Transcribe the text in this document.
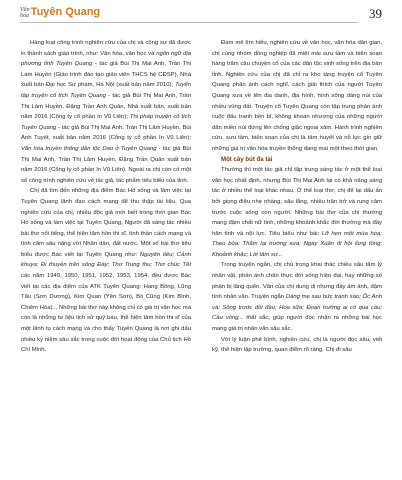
Văn
hóa Tuyên Quang	39

Hàng loạt công trình nghiên cứu của chị và cộng sự đã được in thành sách giáo trình, như: Văn hóa, văn học và ngôn ngữ địa phương tỉnh Tuyên Quang - tác giả Bùi Thị Mai Anh, Trần Thị Lam Huyền (Giáo trình đào tạo giáo viên THCS hệ CĐSP), Nhà xuất bản Đại học Sư phạm, Hà Nội (xuất bản năm 2010); Tuyển tập truyện cổ tích Tuyên Quang - tác giả Bùi Thị Mai Anh, Trần Thị Lâm Huyền, Đặng Trần Anh Quân, Nhà xuất bản, xuất bản năm 2016 (Công ty cổ phần In Vũ Liên); Thi pháp truyện cổ tích Tuyên Quang - tác giả Bùi Thị Mai Anh, Trần Thị Lâm Huyền, Bùi Ánh Tuyết, xuất bản năm 2016 (Công ty cổ phần In Vũ Liên); Văn hóa truyền thống dân tộc Dao ở Tuyên Quang - tác giả Bùi Thị Mai Anh, Trần Thị Lâm Huyền, Đặng Trần Quân xuất bản năm 2016 (Công ty cổ phần In Vũ Liên). Ngoài ra chị còn có một số công trình nghiên cứu về tác giả, tác phẩm tiêu biểu của tỉnh.

Chị đã tìm đến những địa điểm Bác Hồ sống và làm việc tại Tuyên Quang lãnh đạo cách mạng để thu thập tài liệu. Qua nghiên cứu của chị, nhiều độc giả mới biết trong thời gian Bác Hồ sống và làm việc tại Tuyên Quang, Người đã sáng tác nhiều bài thơ nổi tiếng, thể hiện tâm hồn thi sĩ, tình thần cách mạng và tình cảm sâu nặng với Nhân dân, đất nước. Một số bài thơ tiêu biểu được Bác viết tại Tuyên Quang như: Nguyên tiêu; Cảnh khuya; Đi thuyền trên sông Đáy; Thơ Trung thu; Thơ chúc Tết các năm 1949, 1950, 1951, 1952, 1953, 1954, đều được Bác viết tại các địa điểm của ATK Tuyên Quang: Hang Bồng, Lũng Tẩu (Sơn Dương), Kim Quan (Yên Sơn), Bó Cũng (Kim Bình, Chiêm Hóa)... Những bài thơ này không chỉ có giá trị văn học mà còn là những tư liệu lịch sử quý báu, thể hiện tâm hồn thi sĩ của một lãnh tụ cách mạng và cho thấy Tuyên Quang là nơi ghi dấu nhiều kỷ niệm sâu sắc trong cuộc đời hoạt động của Chủ tịch Hồ Chí Minh.

Đam mê tìm hiểu, nghiên cứu về văn học, văn hóa dân gian, chị cùng nhóm đồng nghiệp đã miệt mài sưu tầm và biên soạn hàng trăm câu chuyện cổ của các dân tộc sinh sống trên địa bàn tỉnh. Nghiên cứu của chị đã chỉ ra kho tàng truyện cổ Tuyên Quang phản ánh cách nghĩ, cách giải thích của người Tuyên Quang xưa về tên địa danh, địa hình, hình sông dáng núi của nhiều vùng đất. Truyện cổ Tuyên Quang còn tập trung phản ánh cuộc đấu tranh bền bỉ, không khoan nhượng của những người dân miền núi đứng lên chống giặc ngoại xâm. Hành trình nghiên cứu, sưu tầm, biên soạn của chị là tâm huyết và nỗ lực gìn giữ những giá trị văn hóa truyền thống đang mai một theo thời gian.

Một cây bút đa tài

Thường thì một tác giả chỉ tập trung sáng tác ở một thể loại văn học nhất định, nhưng Bùi Thị Mai Anh lại có khả năng sáng tác ở nhiều thể loại khác nhau. Ở thể loại thơ, chị để lại dấu ấn bởi giọng điệu nhẹ nhàng, sâu lắng, nhiều trăn trở và rung cảm trước cuộc sống con người. Những bài thơ của chị thường mang đậm chất nữ tính, những khoảnh khắc đời thường mà đầy hân tình và nội lực. Tiêu biểu như bài: Lỡ hẹn một mùa hoa; Theo bóa; Thăm lại trường xưa; Ngày Xuân đi hội lồng tồng; Khoảnh khắc; Lời tâm sự...

Trong truyện ngắn, chị chú trọng khai thác chiều sâu tâm lý nhân vật, phản ánh chân thực đời sống hiện đại, hay những số phận bị lãng quên. Văn của chị dung dị nhưng đầy ám ảnh, đậm tình nhân văn. Truyện ngắn Dáng mẹ sau bức tranh sáo; Ốc Anh và; Sông trước đồi đầu; Hoa sữa; Đoạn trường ai có qua cầu; Cầu vồng... thất sắc, giúp người đọc nhận ra những bài học mang giá trị nhân văn sâu sắc.

Với lý luận phê bình, nghiên cứu, chị là người đọc sâu, viết kỹ, thể hiện lập trường, quan điểm rõ ràng. Chị đi sâu
